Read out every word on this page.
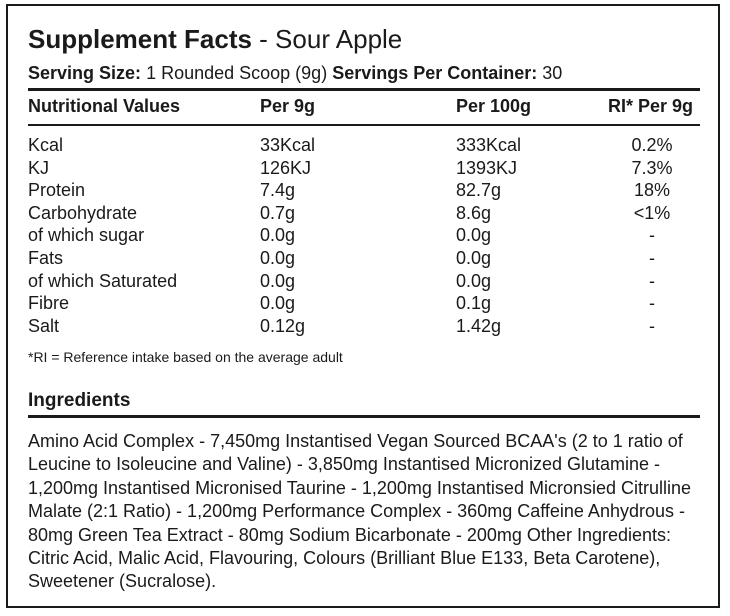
Supplement Facts - Sour Apple
Serving Size: 1 Rounded Scoop (9g) Servings Per Container: 30
Nutritional Values	Per 9g	Per 100g	RI* Per 9g
Kcal	33Kcal	333Kcal	0.2%
KJ	126KJ	1393KJ	7.3%
Protein	7.4g	82.7g	18%
Carbohydrate	0.7g	8.6g	<1%
of which sugar	0.0g	0.0g	-
Fats	0.0g	0.0g	-
of which Saturated	0.0g	0.0g	-
Fibre	0.0g	0.1g	-
Salt	0.12g	1.42g	-
*RI = Reference intake based on the average adult
Ingredients
Amino Acid Complex - 7,450mg Instantised Vegan Sourced BCAA's (2 to 1 ratio of Leucine to Isoleucine and Valine) - 3,850mg Instantised Micronized Glutamine - 1,200mg Instantised Micronised Taurine - 1,200mg Instantised Micronsied Citrulline Malate (2:1 Ratio) - 1,200mg Performance Complex - 360mg Caffeine Anhydrous - 80mg Green Tea Extract - 80mg Sodium Bicarbonate - 200mg Other Ingredients: Citric Acid, Malic Acid, Flavouring, Colours (Brilliant Blue E133, Beta Carotene), Sweetener (Sucralose).
